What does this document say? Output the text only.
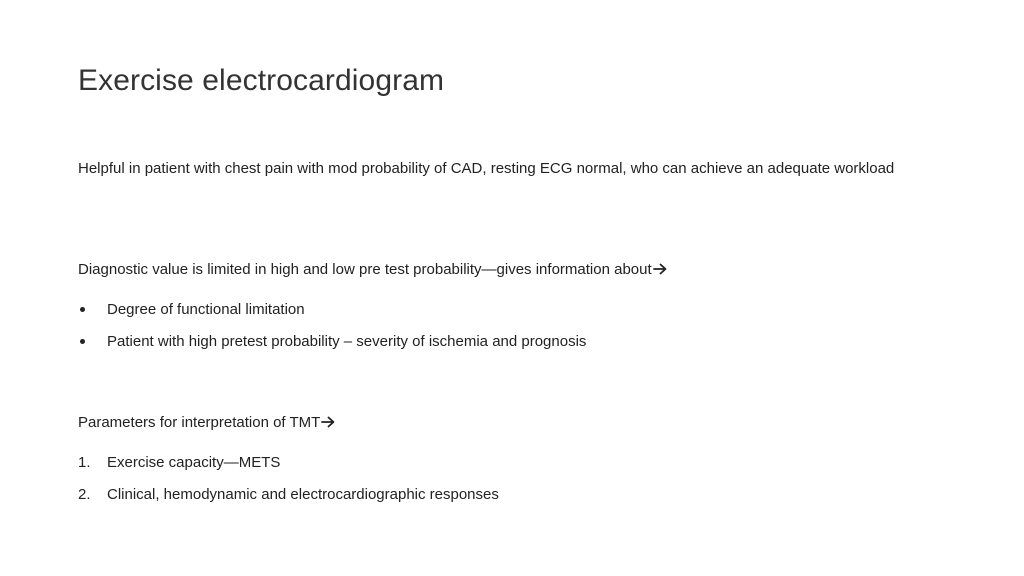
Exercise electrocardiogram
Helpful in patient with chest pain with mod probability of CAD, resting ECG normal, who can achieve an adequate workload
Diagnostic value is limited in high and low pre test probability—gives information about
Degree of functional limitation
Patient with high pretest probability – severity of ischemia and prognosis
Parameters for interpretation of TMT
1.	Exercise capacity—METS
2.	Clinical, hemodynamic and electrocardiographic responses
